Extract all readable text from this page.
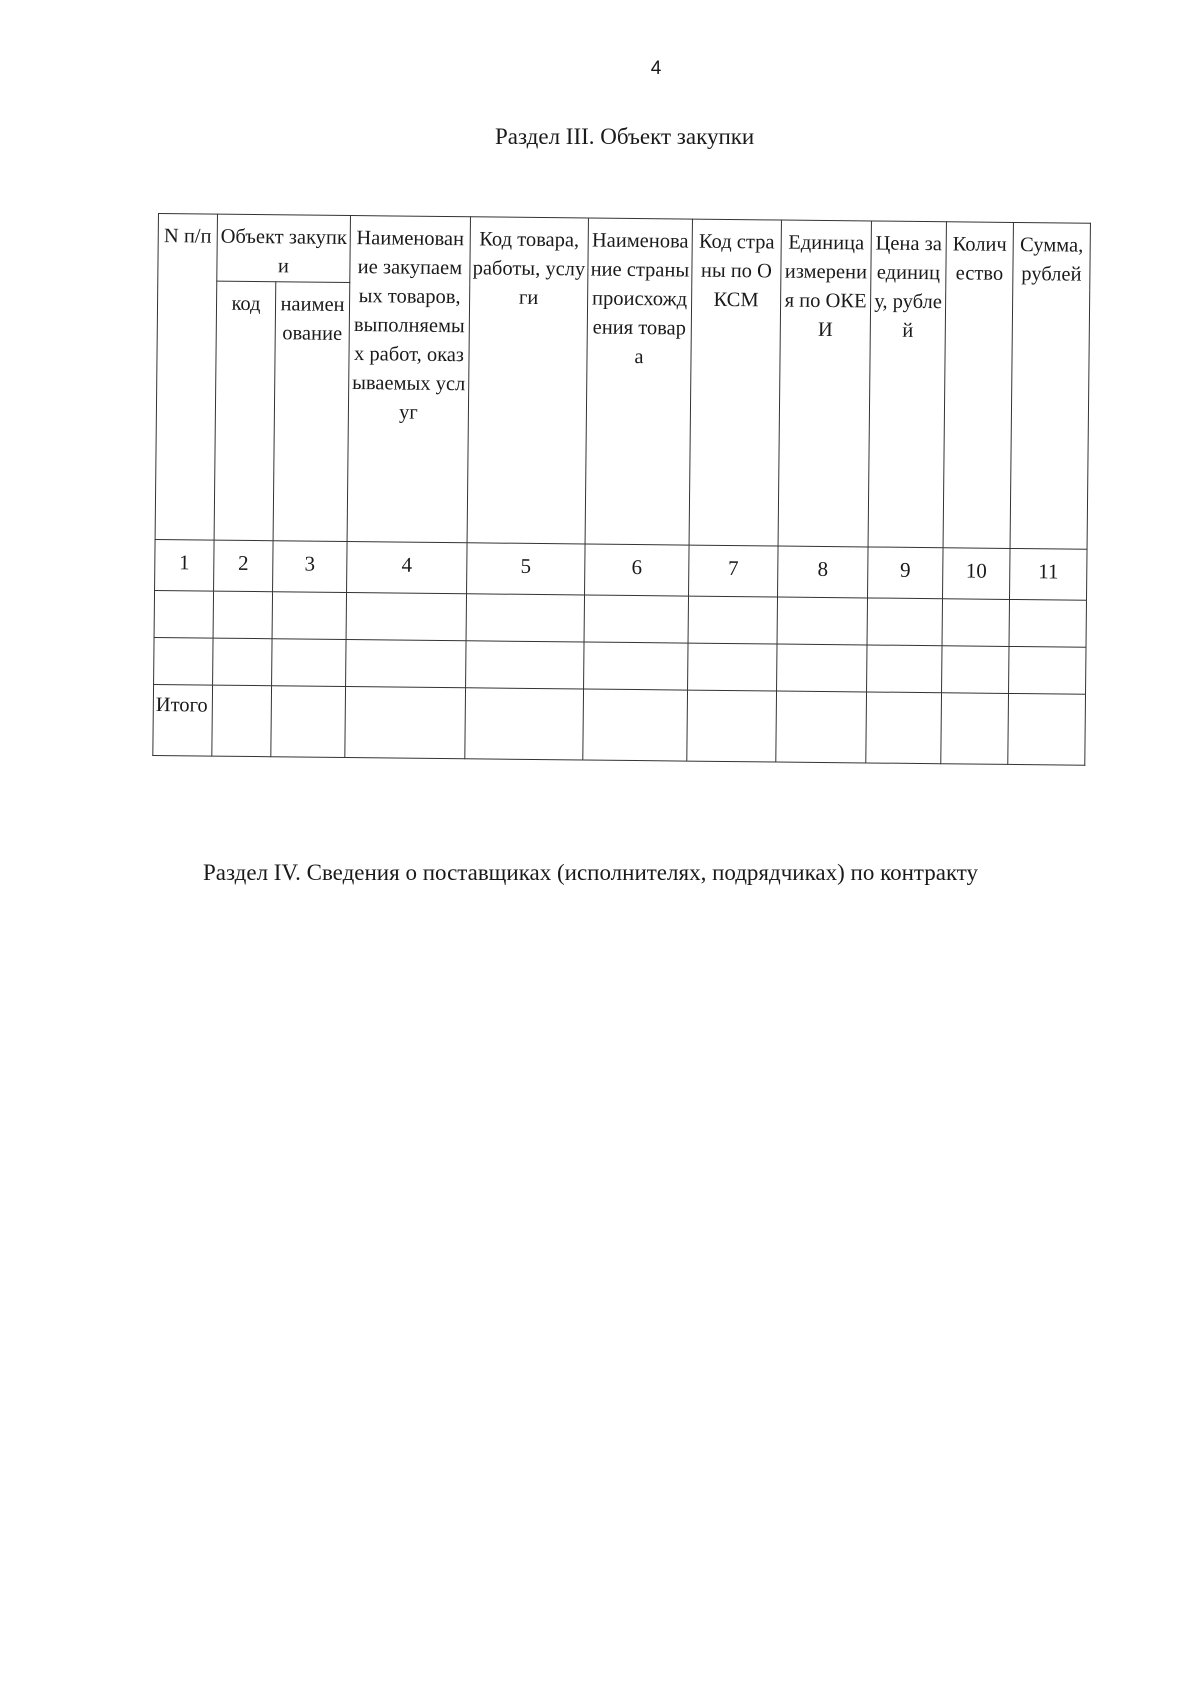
4
Раздел III. Объект закупки
N п/п	Объект закупки		Наименование закупаемых товаров, выполняемых работ, оказываемых услуг	Код товара, работы, услуги	Наименование страны происхождения товара	Код страны по ОКСМ	Единица измерения по ОКЕИ	Цена за единицу, рублей	Количество	Сумма, рублей
	код	наименование								
1	2	3	4	5	6	7	8	9	10	11

Итого										
Раздел IV. Сведения о поставщиках (исполнителях, подрядчиках) по контракту
